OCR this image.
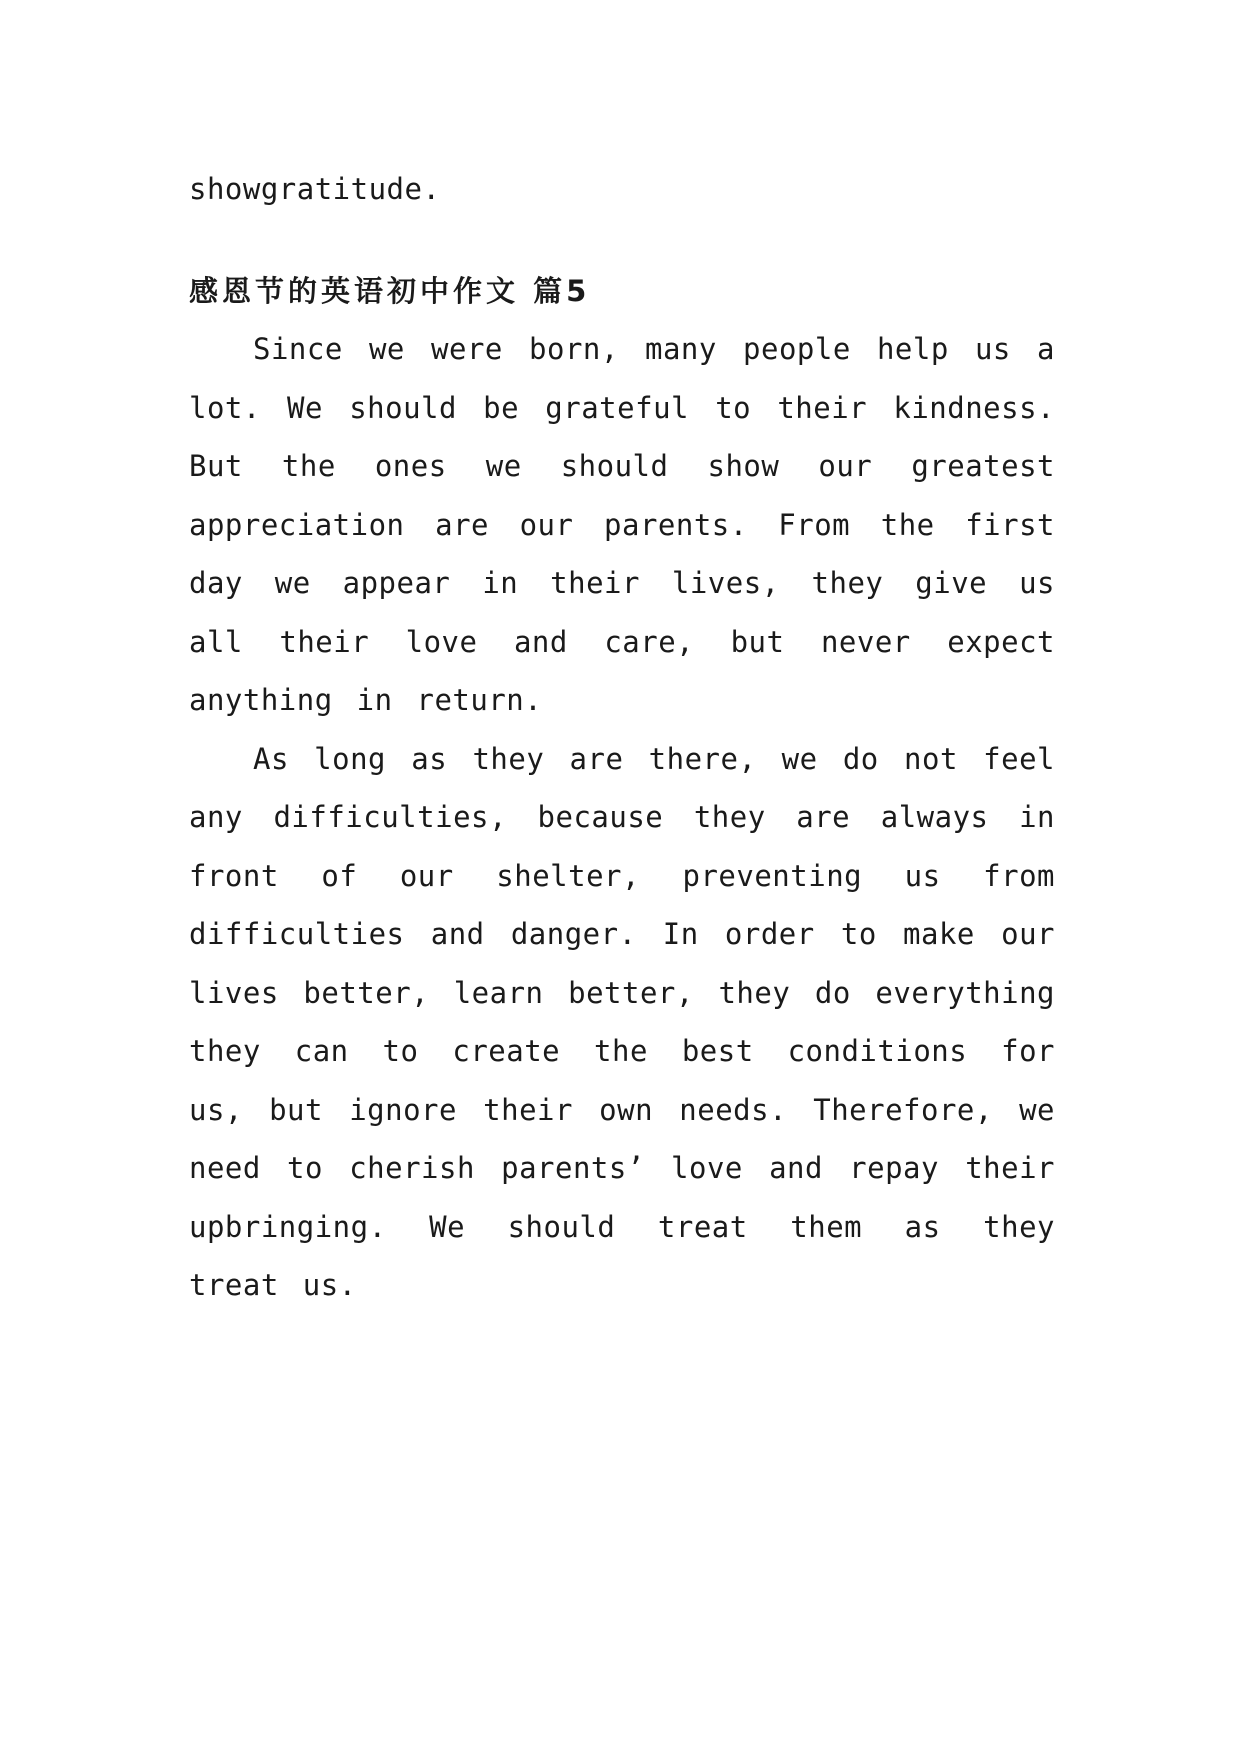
showgratitude.

感恩节的英语初中作文 篇5

Since we were born, many people help us a lot. We should be grateful to their kindness. But the ones we should show our greatest appreciation are our parents. From the first day we appear in their lives, they give us all their love and care, but never expect anything in return.

As long as they are there, we do not feel any difficulties, because they are always in front of our shelter, preventing us from difficulties and danger. In order to make our lives better, learn better, they do everything they can to create the best conditions for us, but ignore their own needs. Therefore, we need to cherish parents’ love and repay their upbringing. We should treat them as they treat us.
